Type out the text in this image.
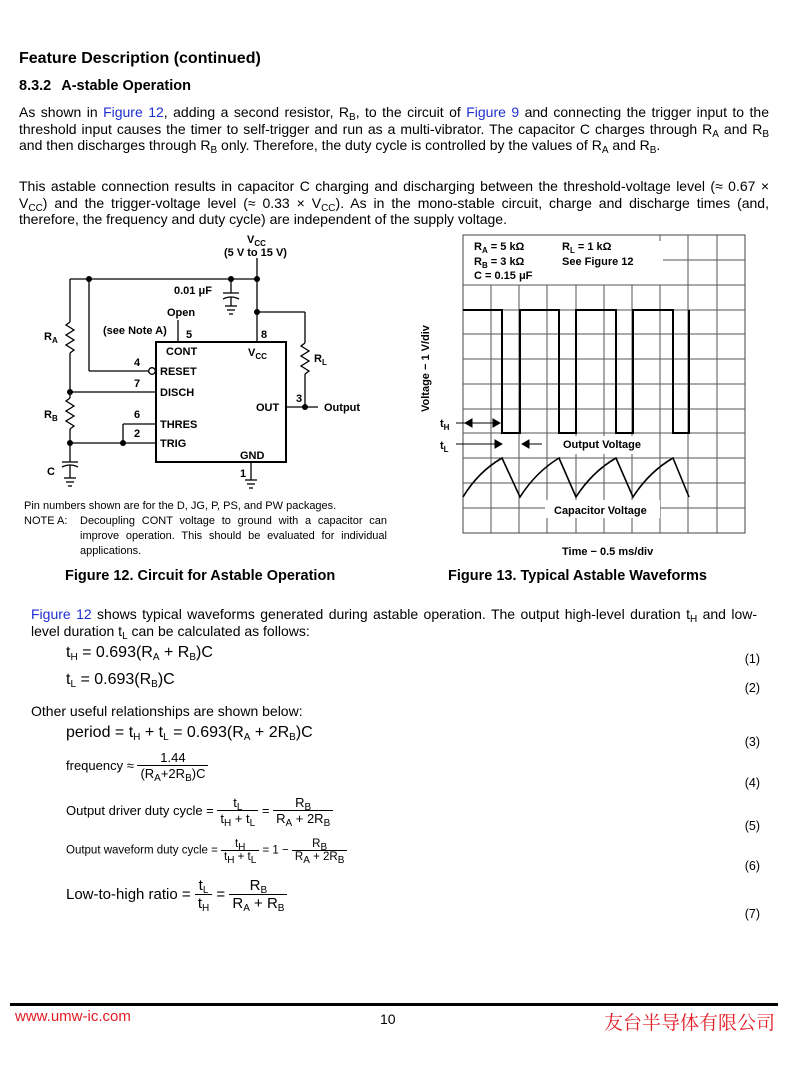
Feature Description (continued)
8.3.2 A-stable Operation
As shown in Figure 12, adding a second resistor, $R_B$, to the circuit of Figure 9 and connecting the trigger input to the threshold input causes the timer to self-trigger and run as a multi-vibrator. The capacitor C charges through $R_A$ and $R_B$ and then discharges through $R_B$ only. Therefore, the duty cycle is controlled by the values of $R_A$ and $R_B$.
This astable connection results in capacitor C charging and discharging between the threshold-voltage level (≈ $0.67 \times V_{CC}$) and the trigger-voltage level (≈ $0.33 \times V_{CC}$). As in the mono-stable circuit, charge and discharge times (and, therefore, the frequency and duty cycle) are independent of the supply voltage.
$V_{CC}$
(5 V to 15 V)
0.01 μF
Open
(see Note A) 5	8
CONT	$V_{CC}$
4
RESET
7
DISCH
6
THRES
2
TRIG
OUT
3
GND
1
Output
$R_A$
$R_B$
$R_L$
C
Pin numbers shown are for the D, JG, P, PS, and PW packages.
NOTE A: Decoupling CONT voltage to ground with a capacitor can improve operation. This should be evaluated for individual applications.
Figure 12. Circuit for Astable Operation
$R_A = 5$ kΩ
$R_B = 3$ kΩ
C = 0.15 μF
$R_L = 1$ kΩ
See Figure 12
$t_H$
$t_L$	Output Voltage
Capacitor Voltage
Time − 0.5 ms/div
Voltage − 1 V/div
Figure 13. Typical Astable Waveforms
Figure 12 shows typical waveforms generated during astable operation. The output high-level duration $t_H$ and low-level duration $t_L$ can be calculated as follows:
$t_H = 0.693(R_A + R_B)C$	(1)
$t_L = 0.693(R_B)C$	(2)
Other useful relationships are shown below:
period = $t_H + t_L = 0.693(R_A + 2R_B)C$
(3)
frequency ≈ $\frac{1.44}{(R_A+2R_B)C}$
(4)
Output driver duty cycle = $\frac{t_L}{t_H + t_L} = \frac{R_B}{R_A + 2R_B}$	(5)
Output waveform duty cycle = $\frac{t_H}{t_H + t_L} = 1 - \frac{R_B}{R_A + 2R_B}$
(6)
Low-to-high ratio = $\frac{t_L}{t_H} = \frac{R_B}{R_A + R_B}$
(7)
www.umw-ic.com	10	友台半导体有限公司
